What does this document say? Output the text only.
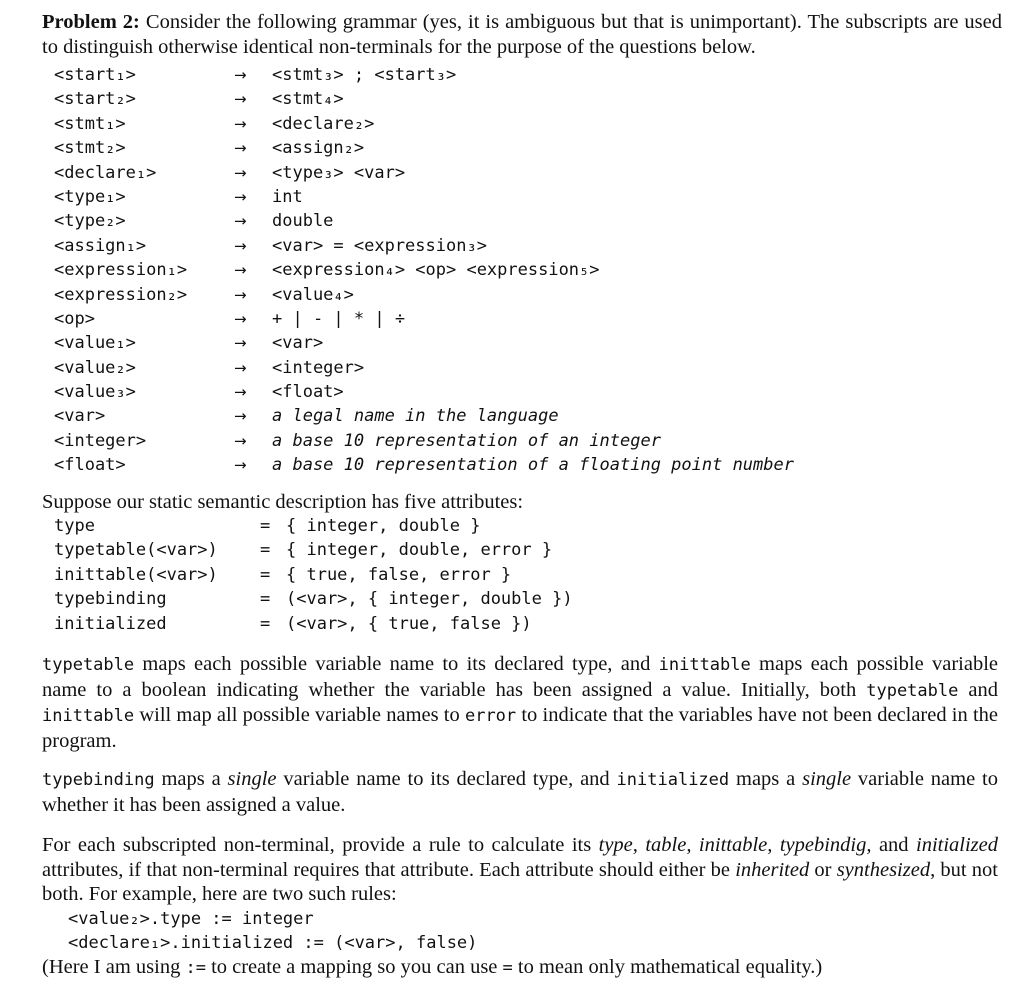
Problem 2: Consider the following grammar (yes, it is ambiguous but that is unimportant). The subscripts are used to distinguish otherwise identical non-terminals for the purpose of the questions below.

<start₁>	→ <stmt₃> ; <start₃>
<start₂>	→ <stmt₄>
<stmt₁>	→ <declare₂>
<stmt₂>	→ <assign₂>
<declare₁>	→ <type₃> <var>
<type₁>	→ int
<type₂>	→ double
<assign₁>	→ <var> = <expression₃>
<expression₁>	→ <expression₄> <op> <expression₅>
<expression₂>	→ <value₄>
<op>	→ + | - | * | ÷
<value₁>	→ <var>
<value₂>	→ <integer>
<value₃>	→ <float>
<var>	→ a legal name in the language
<integer>	→ a base 10 representation of an integer
<float>	→ a base 10 representation of a floating point number

Suppose our static semantic description has five attributes:

type	= { integer, double }
typetable(<var>) = { integer, double, error }
inittable(<var>) = { true, false, error }
typebinding	= (<var>, { integer, double })
initialized	= (<var>, { true, false })

typetable maps each possible variable name to its declared type, and inittable maps each possible variable name to a boolean indicating whether the variable has been assigned a value. Initially, both typetable and inittable will map all possible variable names to error to indicate that the variables have not been declared in the program.

typebinding maps a single variable name to its declared type, and initialized maps a single variable name to whether it has been assigned a value.

For each subscripted non-terminal, provide a rule to calculate its type, table, inittable, typebindig, and initialized attributes, if that non-terminal requires that attribute. Each attribute should either be inherited or synthesized, but not both. For example, here are two such rules:

<value₂>.type := integer
<declare₁>.initialized := (<var>, false)

(Here I am using := to create a mapping so you can use = to mean only mathematical equality.)
